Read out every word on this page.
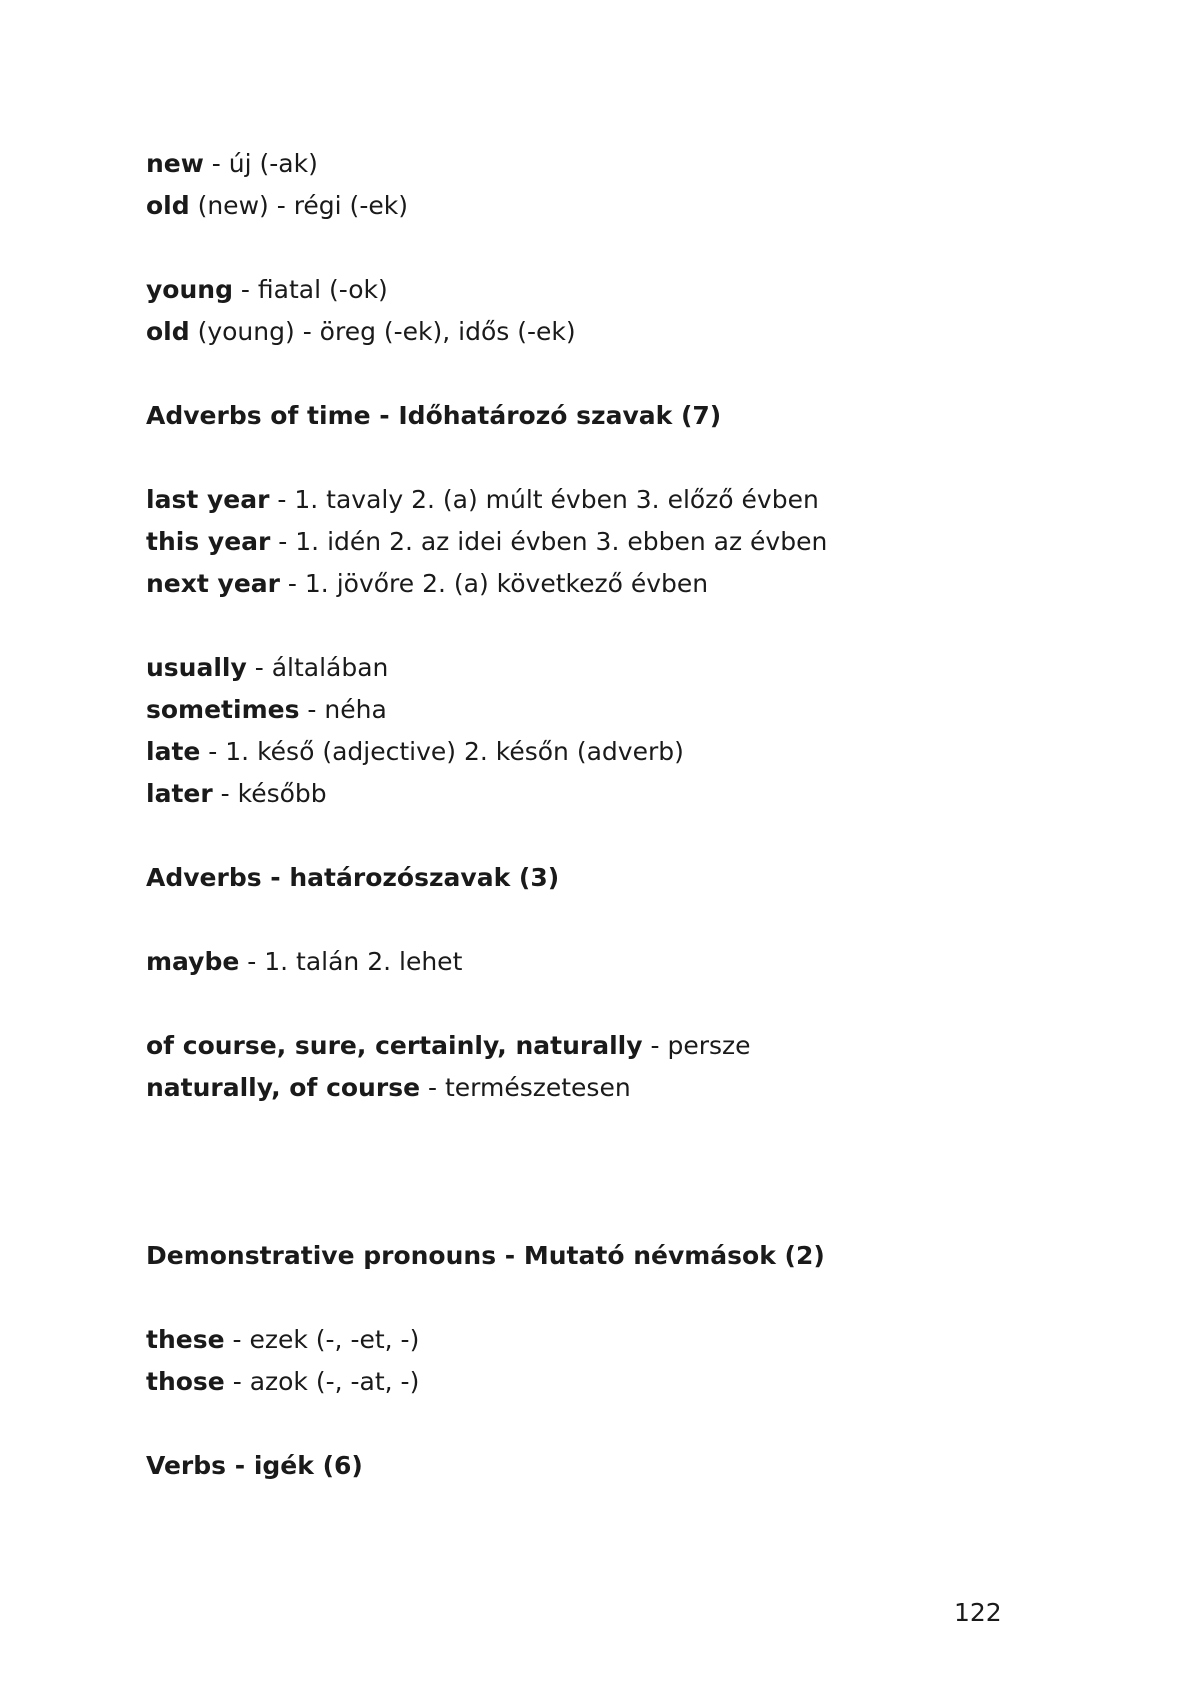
new - új (-ak)
old (new) - régi (-ek)
young - fiatal (-ok)
old (young) - öreg (-ek), idős (-ek)
Adverbs of time - Időhatározó szavak (7)
last year - 1. tavaly 2. (a) múlt évben 3. előző évben
this year - 1. idén 2. az idei évben 3. ebben az évben
next year - 1. jövőre 2. (a) következő évben
usually - általában
sometimes - néha
late - 1. késő (adjective) 2. későn (adverb)
later - később
Adverbs - határozószavak (3)
maybe - 1. talán 2. lehet
of course, sure, certainly, naturally - persze
naturally, of course - természetesen
Demonstrative pronouns - Mutató névmások (2)
these - ezek (-, -et, -)
those - azok (-, -at, -)
Verbs - igék (6)
122
